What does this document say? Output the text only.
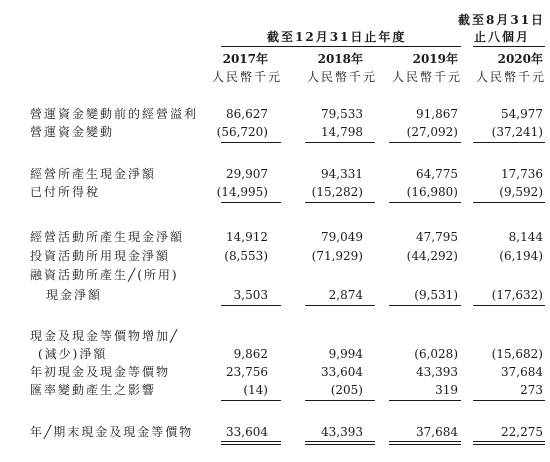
截至8月31日
截至12月31日止年度	止八個月
2017年	2018年	2019年	2020年
人民幣千元	人民幣千元	人民幣千元	人民幣千元
營運資金變動前的經營溢利	86,627	79,533	91,867	54,977
營運資金變動	(56,720)	14,798	(27,092)	(37,241)
經營所產生現金淨額	29,907	94,331	64,775	17,736
已付所得稅	(14,995)	(15,282)	(16,980)	(9,592)
經營活動所產生現金淨額	14,912	79,049	47,795	8,144
投資活動所用現金淨額	(8,553)	(71,929)	(44,292)	(6,194)
融資活動所產生╱(所用)
現金淨額	3,503	2,874	(9,531)	(17,632)
現金及現金等價物增加╱
(減少)淨額	9,862	9,994	(6,028)	(15,682)
年初現金及現金等價物	23,756	33,604	43,393	37,684
匯率變動產生之影響	(14)	(205)	319	273
年╱期末現金及現金等價物	33,604	43,393	37,684	22,275
